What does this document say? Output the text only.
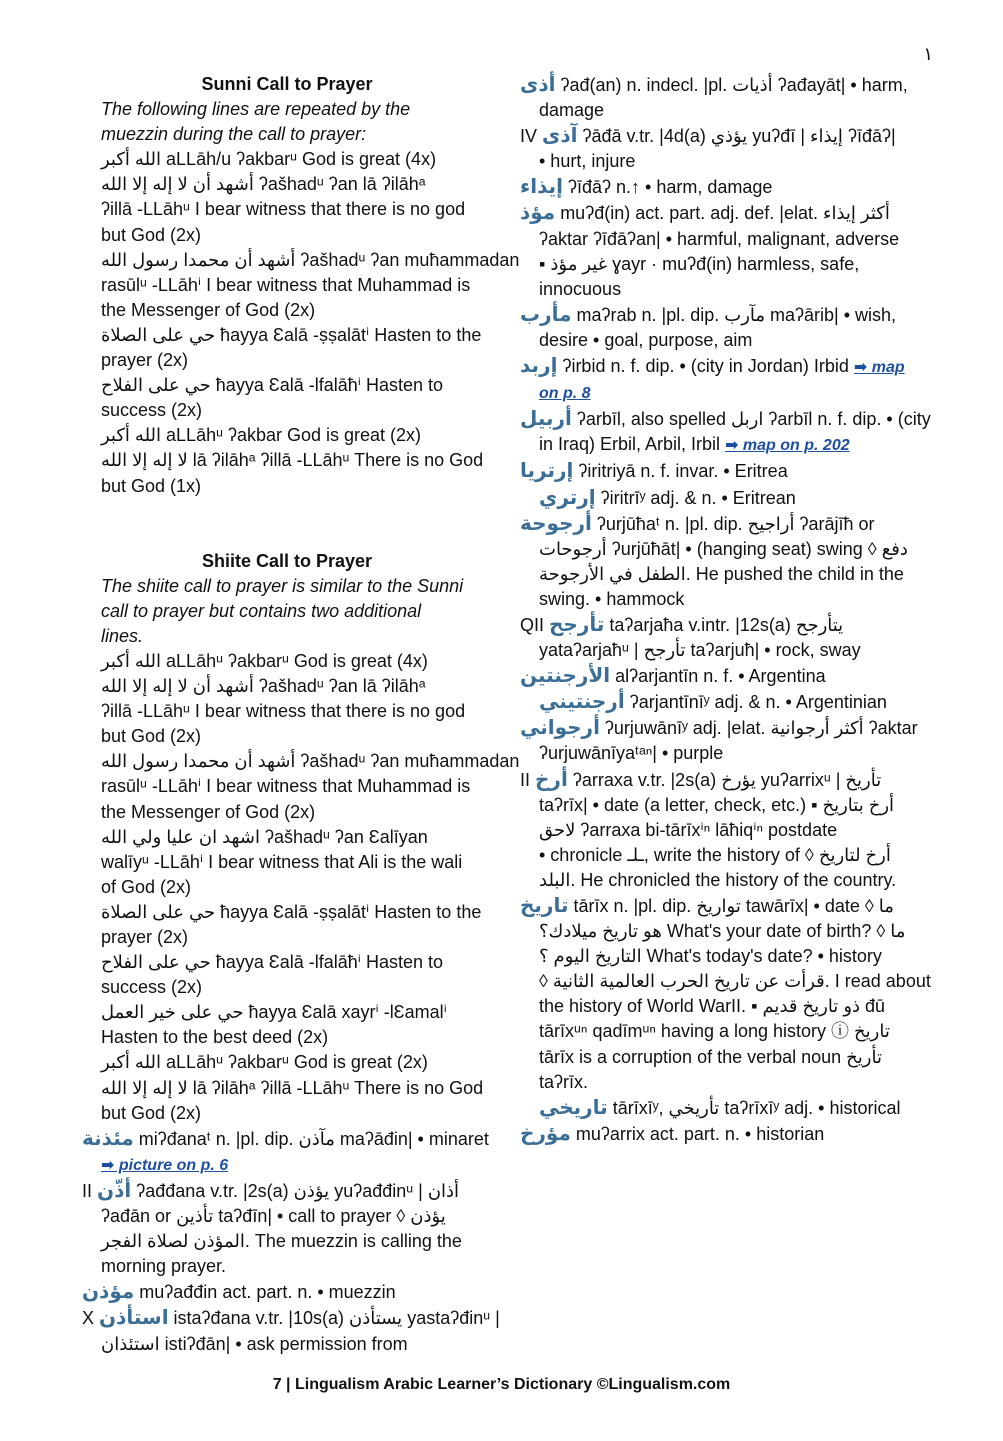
١
Sunni Call to Prayer
The following lines are repeated by the
muezzin during the call to prayer:
الله أكبر aLLāh/u ʔakbarᵘ God is great (4x)
أشهد أن لا إله إلا الله ʔašhadᵘ ʔan lā ʔilāhᵃ
ʔillā -LLāhᵘ I bear witness that there is no god
but God (2x)
أشهد أن محمدا رسول الله ʔašhadᵘ ʔan muħammadan
rasūlᵘ -LLāhⁱ I bear witness that Muhammad is
the Messenger of God (2x)
حي على الصلاة ħayya Ɛalā -ṣṣalātⁱ Hasten to the
prayer (2x)
حي على الفلاح ħayya Ɛalā -lfalāħⁱ Hasten to
success (2x)
الله أكبر aLLāhᵘ ʔakbar God is great (2x)
لا إله إلا الله lā ʔilāhᵃ ʔillā -LLāhᵘ There is no God
but God (1x)
Shiite Call to Prayer
The shiite call to prayer is similar to the Sunni
call to prayer but contains two additional
lines.
الله أكبر aLLāhᵘ ʔakbarᵘ God is great (4x)
أشهد أن لا إله إلا الله ʔašhadᵘ ʔan lā ʔilāhᵃ
ʔillā -LLāhᵘ I bear witness that there is no god
but God (2x)
أشهد أن محمدا رسول الله ʔašhadᵘ ʔan muħammadan
rasūlᵘ -LLāhⁱ I bear witness that Muhammad is
the Messenger of God (2x)
اشهد ان عليا ولي الله ʔašhadᵘ ʔan Ɛalīyan
walīyᵘ -LLāhⁱ I bear witness that Ali is the wali
of God (2x)
حي على الصلاة ħayya Ɛalā -ṣṣalātⁱ Hasten to the
prayer (2x)
حي على الفلاح ħayya Ɛalā -lfalāħⁱ Hasten to
success (2x)
حي على خير العمل ħayya Ɛalā xayrⁱ -lƐamalⁱ
Hasten to the best deed (2x)
الله أكبر aLLāhᵘ ʔakbarᵘ God is great (2x)
لا إله إلا الله lā ʔilāhᵃ ʔillā -LLāhᵘ There is no God
but God (2x)
مئذنة miʔđanaᵗ n. |pl. dip. مآذن maʔāđin| • minaret
➡ picture on p. 6
II أذّن ʔađđana v.tr. |2s(a) يؤذن yuʔađđinᵘ | أذان
ʔađān or تأذين taʔđīn| • call to prayer ◊ يؤذن
المؤذن لصلاة الفجر. The muezzin is calling the
morning prayer.
مؤذن muʔađđin act. part. n. • muezzin
X استأذن istaʔđana v.tr. |10s(a) يستأذن yastaʔđinᵘ |
استئذان istiʔđān| • ask permission from
أذى ʔađ(an) n. indecl. |pl. أذيات ʔađayāt| • harm,
damage
IV آذى ʔāđā v.tr. |4d(a) يؤذي yuʔđī | إيذاء ʔīđāʔ|
• hurt, injure
إيذاء ʔīđāʔ n.↑ • harm, damage
مؤذ muʔđ(in) act. part. adj. def. |elat. أكثر إيذاء
ʔaktar ʔīđāʔan| • harmful, malignant, adverse
▪ غير مؤذ ɣayr · muʔđ(in) harmless, safe,
innocuous
مأرب maʔrab n. |pl. dip. مآرب maʔārib| • wish,
desire • goal, purpose, aim
إربد ʔirbid n. f. dip. • (city in Jordan) Irbid ➡ map
on p. 8
أربيل ʔarbīl, also spelled اربل ʔarbīl n. f. dip. • (city
in Iraq) Erbil, Arbil, Irbil ➡ map on p. 202
إرتريا ʔiritriyā n. f. invar. • Eritrea
إرتري ʔiritrīʸ adj. & n. • Eritrean
أرجوحة ʔurjūħaᵗ n. |pl. dip. أراجيح ʔarājīħ or
أرجوحات ʔurjūħāt| • (hanging seat) swing ◊ دفع
الطفل في الأرجوحة. He pushed the child in the
swing. • hammock
QII تأرجح taʔarjaħa v.intr. |12s(a) يتأرجح
yataʔarjaħᵘ | تأرجح taʔarjuħ| • rock, sway
الأرجنتين alʔarjantīn n. f. • Argentina
أرجنتيني ʔarjantīnīʸ adj. & n. • Argentinian
أرجواني ʔurjuwānīʸ adj. |elat. أكثر أرجوانية ʔaktar
ʔurjuwānīyaᵗᵃⁿ| • purple
II أرخ ʔarraxa v.tr. |2s(a) يؤرخ yuʔarrixᵘ | تأريخ
taʔrīx| • date (a letter, check, etc.) ▪ أرخ بتاريخ
لاحق ʔarraxa bi-tārīxⁱⁿ lāħiqⁱⁿ postdate
• chronicle ـلـ, write the history of ◊ أرخ لتاريخ
البلد. He chronicled the history of the country.
تاريخ tārīx n. |pl. dip. تواريخ tawārīx| • date ◊ ما
هو تاريخ ميلادك؟ What's your date of birth? ◊ ما
التاريخ اليوم ؟ What's today's date? • history
◊ قرأت عن تاريخ الحرب العالمية الثانية. I read about
the history of World WarII. ▪ ذو تاريخ قديم đū
tārīxᵘⁿ qadīmᵘⁿ having a long history ⓘ تاريخ
tārīx is a corruption of the verbal noun تأريخ
taʔrīx.
تاريخي tārīxīʸ, تأريخي taʔrīxīʸ adj. • historical
مؤرخ muʔarrix act. part. n. • historian
7 | Lingualism Arabic Learner’s Dictionary ©Lingualism.com
